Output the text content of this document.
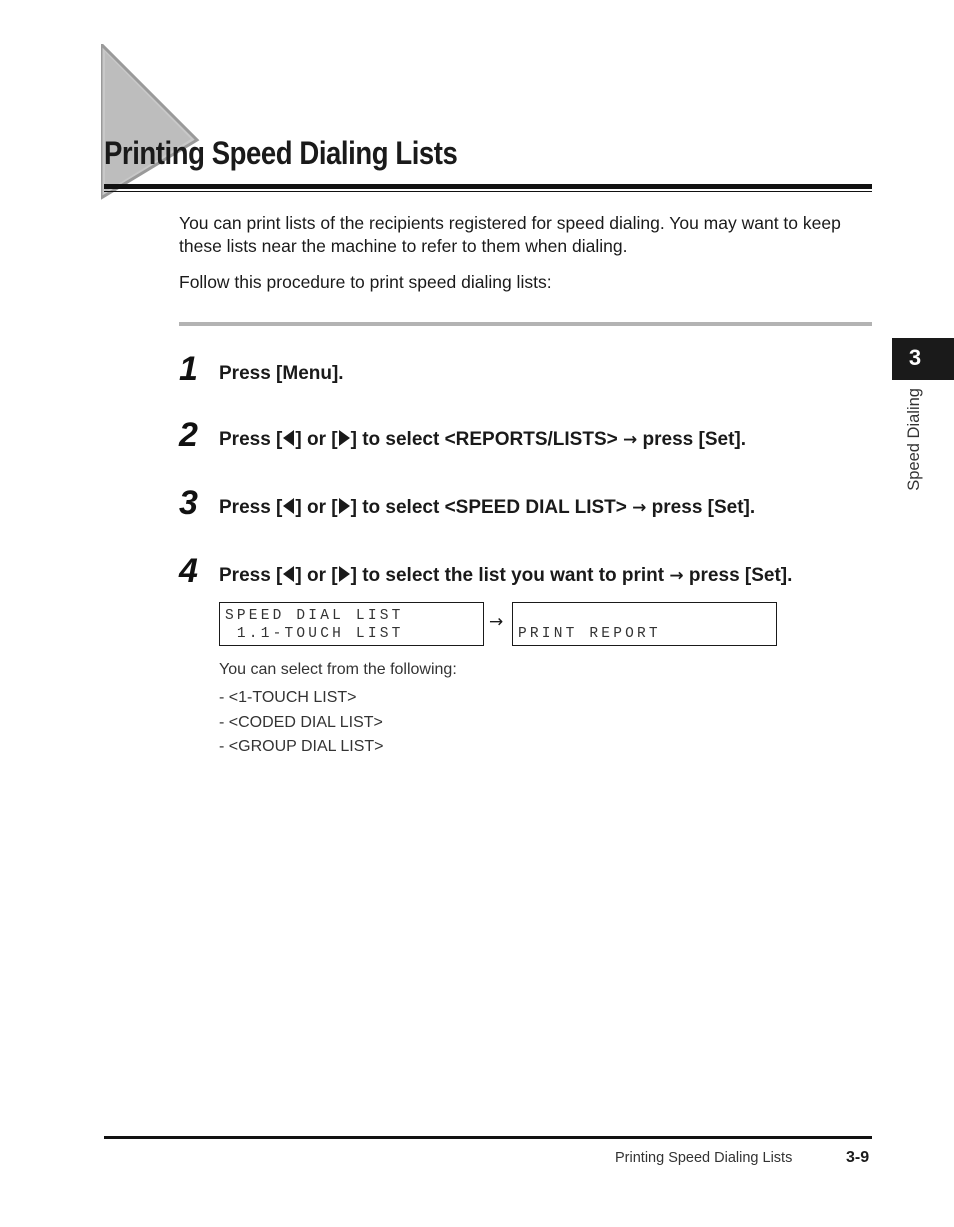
Printing Speed Dialing Lists

You can print lists of the recipients registered for speed dialing. You may want to keep these lists near the machine to refer to them when dialing.

Follow this procedure to print speed dialing lists:

1	Press [Menu].
2	Press [ ] or [ ] to select <REPORTS/LISTS> → press [Set].
3	Press [ ] or [ ] to select <SPEED DIAL LIST> → press [Set].
4	Press [ ] or [ ] to select the list you want to print → press [Set].
SPEED DIAL LIST
1.1-TOUCH LIST
→
PRINT REPORT

You can select from the following:

- <1-TOUCH LIST>
- <CODED DIAL LIST>
- <GROUP DIAL LIST>
3
Speed Dialing
Printing Speed Dialing Lists	3-9
